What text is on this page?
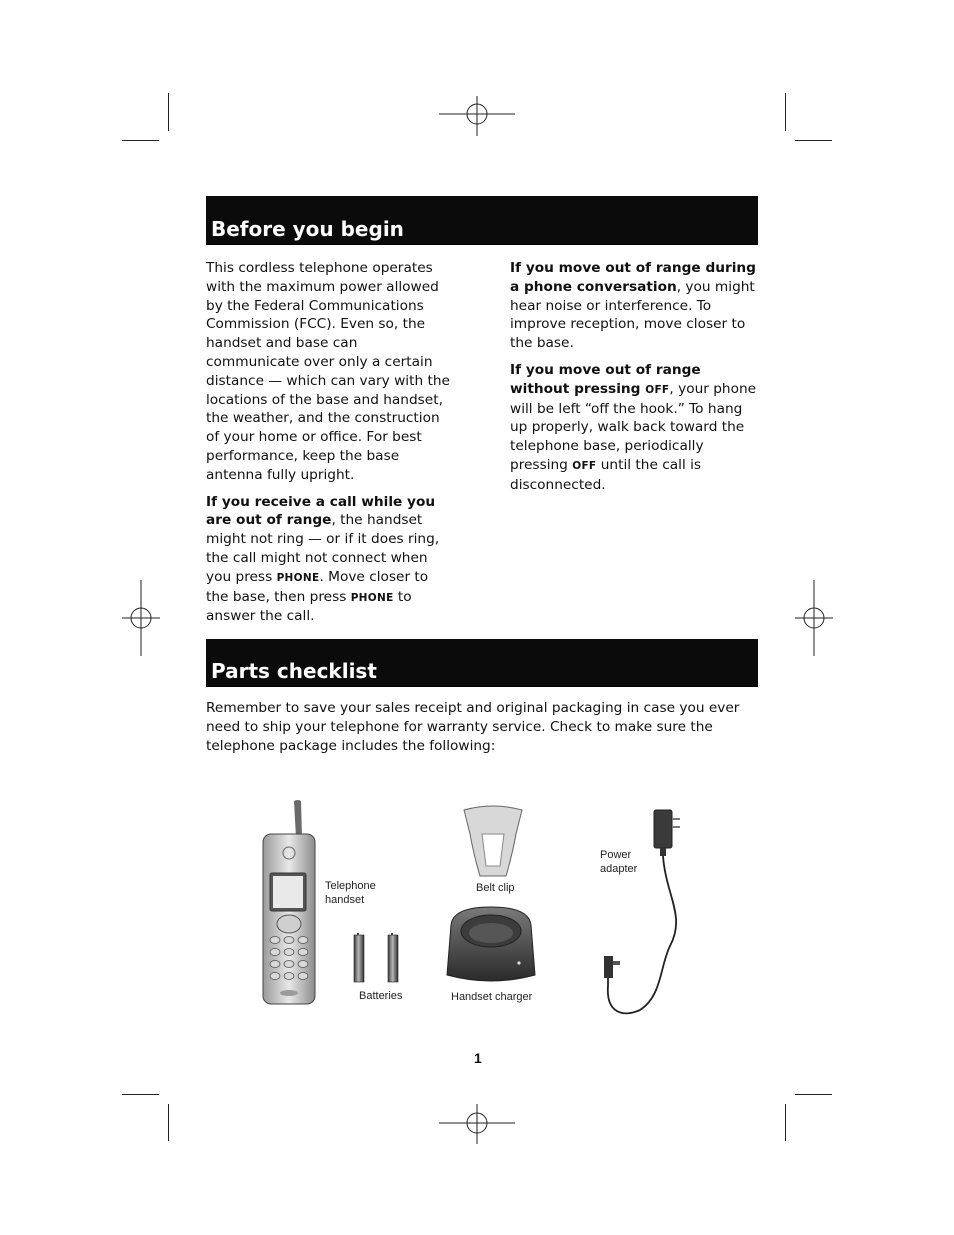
Before you begin

This cordless telephone operates with the maximum power allowed by the Federal Communications Commission (FCC). Even so, the handset and base can communicate over only a certain distance — which can vary with the locations of the base and handset, the weather, and the construction of your home or office. For best performance, keep the base antenna fully upright.

If you receive a call while you are out of range, the handset might not ring — or if it does ring, the call might not connect when you press PHONE. Move closer to the base, then press PHONE to answer the call.

If you move out of range during a phone conversation, you might hear noise or interference. To improve reception, move closer to the base.

If you move out of range without pressing OFF, your phone will be left “off the hook.” To hang up properly, walk back toward the telephone base, periodically pressing OFF until the call is disconnected.

Parts checklist
Remember to save your sales receipt and original packaging in case you ever need to ship your telephone for warranty service. Check to make sure the telephone package includes the following:
Telephone
handset
Batteries
Belt clip
Handset charger
Power
adapter
1
